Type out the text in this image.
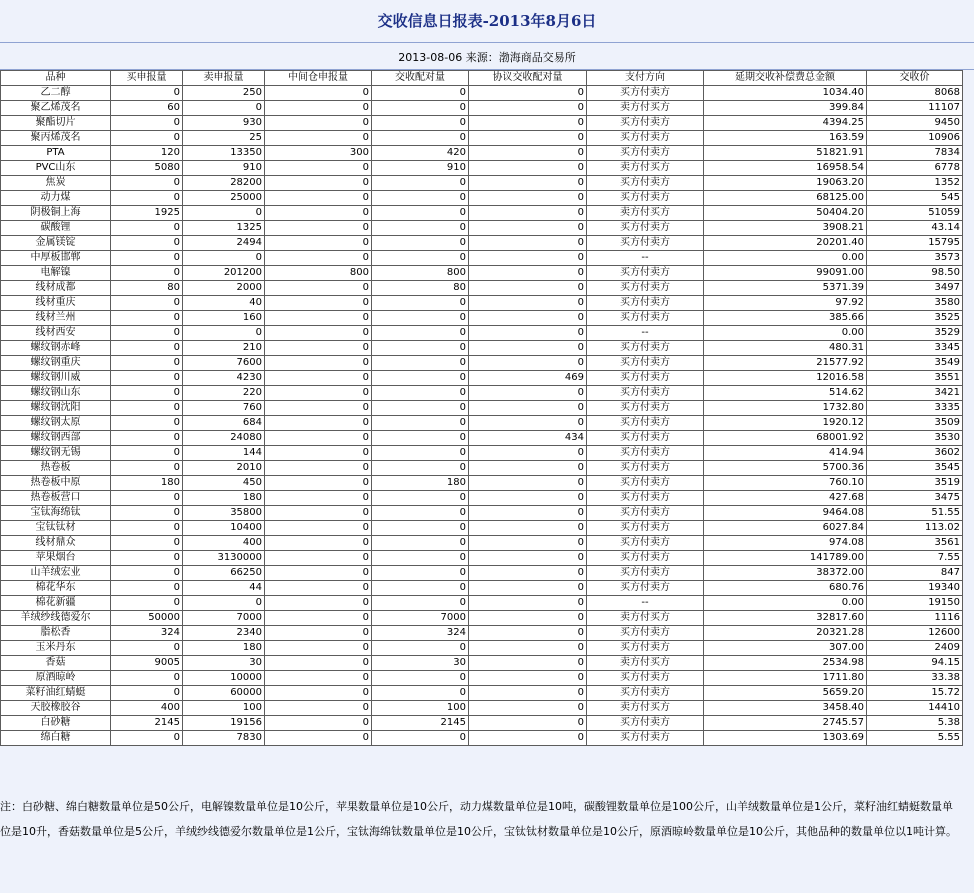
交收信息日报表-2013年8月6日
2013-08-06 来源：渤海商品交易所
品种	买申报量	卖申报量	中间仓申报量	交收配对量	协议交收配对量	支付方向	延期交收补偿费总金额	交收价
乙二醇	0	250	0	0	0	买方付卖方	1034.40	8068
聚乙烯茂名	60	0	0	0	0	卖方付买方	399.84	11107
聚酯切片	0	930	0	0	0	买方付卖方	4394.25	9450
聚丙烯茂名	0	25	0	0	0	买方付卖方	163.59	10906
PTA	120	13350	300	420	0	买方付卖方	51821.91	7834
PVC山东	5080	910	0	910	0	卖方付买方	16958.54	6778
焦炭	0	28200	0	0	0	买方付卖方	19063.20	1352
动力煤	0	25000	0	0	0	买方付卖方	68125.00	545
阴极铜上海	1925	0	0	0	0	卖方付买方	50404.20	51059
碳酸锂	0	1325	0	0	0	买方付卖方	3908.21	43.14
金属镁锭	0	2494	0	0	0	买方付卖方	20201.40	15795
中厚板邯郸	0	0	0	0	0	--	0.00	3573
电解镍	0	201200	800	800	0	买方付卖方	99091.00	98.50
线材成都	80	2000	0	80	0	买方付卖方	5371.39	3497
线材重庆	0	40	0	0	0	买方付卖方	97.92	3580
线材兰州	0	160	0	0	0	买方付卖方	385.66	3525
线材西安	0	0	0	0	0	--	0.00	3529
螺纹钢赤峰	0	210	0	0	0	买方付卖方	480.31	3345
螺纹钢重庆	0	7600	0	0	0	买方付卖方	21577.92	3549
螺纹钢川威	0	4230	0	0	469	买方付卖方	12016.58	3551
螺纹钢山东	0	220	0	0	0	买方付卖方	514.62	3421
螺纹钢沈阳	0	760	0	0	0	买方付卖方	1732.80	3335
螺纹钢太原	0	684	0	0	0	买方付卖方	1920.12	3509
螺纹钢西部	0	24080	0	0	434	买方付卖方	68001.92	3530
螺纹钢无锡	0	144	0	0	0	买方付卖方	414.94	3602
热卷板	0	2010	0	0	0	买方付卖方	5700.36	3545
热卷板中原	180	450	0	180	0	买方付卖方	760.10	3519
热卷板营口	0	180	0	0	0	买方付卖方	427.68	3475
宝钛海绵钛	0	35800	0	0	0	买方付卖方	9464.08	51.55
宝钛钛材	0	10400	0	0	0	买方付卖方	6027.84	113.02
线材鼎众	0	400	0	0	0	买方付卖方	974.08	3561
苹果烟台	0	3130000	0	0	0	买方付卖方	141789.00	7.55
山羊绒宏业	0	66250	0	0	0	买方付卖方	38372.00	847
棉花华东	0	44	0	0	0	买方付卖方	680.76	19340
棉花新疆	0	0	0	0	0	--	0.00	19150
羊绒纱线德爱尔	50000	7000	0	7000	0	卖方付买方	32817.60	1116
脂松香	324	2340	0	324	0	买方付卖方	20321.28	12600
玉米丹东	0	180	0	0	0	买方付卖方	307.00	2409
香菇	9005	30	0	30	0	卖方付买方	2534.98	94.15
原酒晾岭	0	10000	0	0	0	买方付卖方	1711.80	33.38
菜籽油红蜻蜓	0	60000	0	0	0	买方付卖方	5659.20	15.72
天胶橡胶谷	400	100	0	100	0	卖方付买方	3458.40	14410
白砂糖	2145	19156	0	2145	0	买方付卖方	2745.57	5.38
绵白糖	0	7830	0	0	0	买方付卖方	1303.69	5.55
注：白砂糖、绵白糖数量单位是50公斤，电解镍数量单位是10公斤，苹果数量单位是10公斤，动力煤数量单位是10吨，碳酸锂数量单位是100公斤，山羊绒数量单位是1公斤，菜籽油红蜻蜓数量单位是10升，香菇数量单位是5公斤，羊绒纱线德爱尔数量单位是1公斤，宝钛海绵钛数量单位是10公斤，宝钛钛材数量单位是10公斤，原酒晾岭数量单位是10公斤，其他品种的数量单位以1吨计算。
